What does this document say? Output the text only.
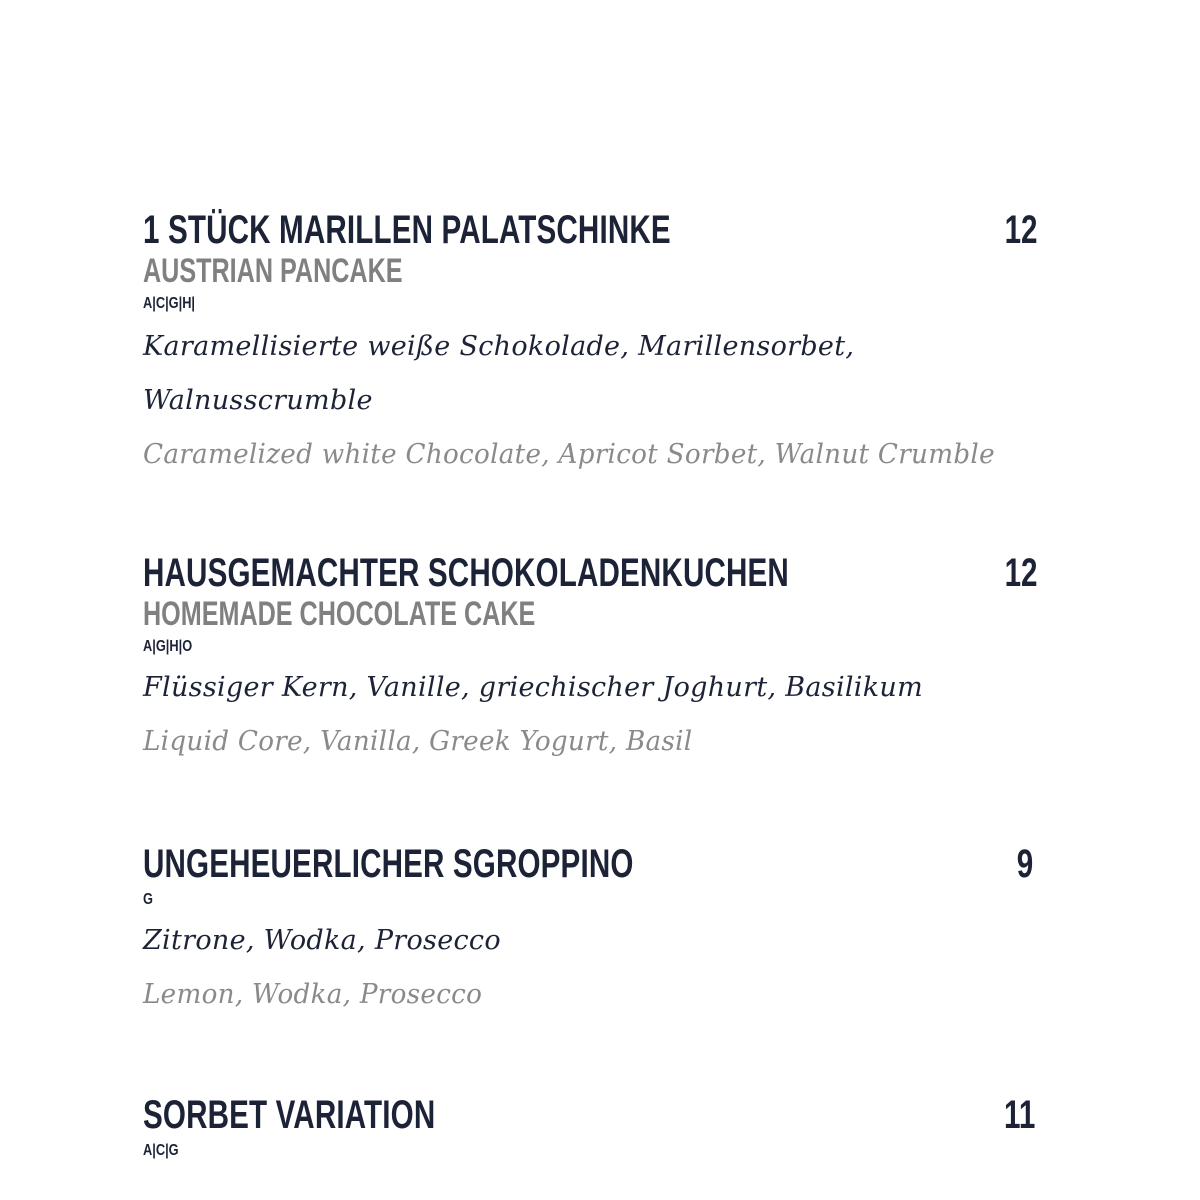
1 STÜCK MARILLEN PALATSCHINKE	12
AUSTRIAN PANCAKE
A|C|G|H|
Karamellisierte weiße Schokolade, Marillensorbet, Walnusscrumble
Caramelized white Chocolate, Apricot Sorbet, Walnut Crumble
HAUSGEMACHTER SCHOKOLADENKUCHEN	12
HOMEMADE CHOCOLATE CAKE
A|G|H|O
Flüssiger Kern, Vanille, griechischer Joghurt, Basilikum
Liquid Core, Vanilla, Greek Yogurt, Basil
UNGEHEUERLICHER SGROPPINO	9
G
Zitrone, Wodka, Prosecco
Lemon, Wodka, Prosecco
SORBET VARIATION	11
A|C|G
